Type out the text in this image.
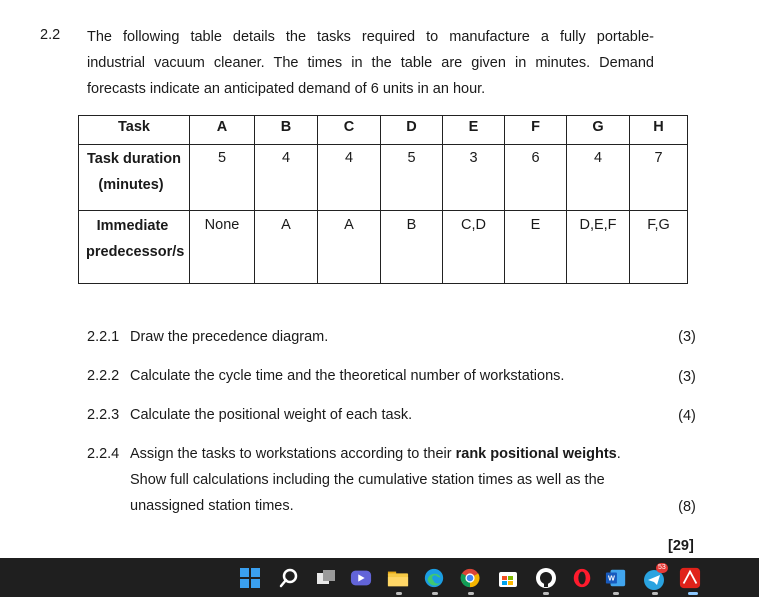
2.2 The following table details the tasks required to manufacture a fully portable-
industrial vacuum cleaner. The times in the table are given in minutes. Demand
forecasts indicate an anticipated demand of 6 units in an hour.

Task	A	B	C	D	E	F	G	H
Task duration

(minutes)	5	4	4	5	3	6	4	7

Immediate
predecessor/s	None	A	A	B	C,D	E	D,E,F	F,G
2.2.1 Draw the precedence diagram.	(3)
2.2.2 Calculate the cycle time and the theoretical number of workstations.	(3)
2.2.3 Calculate the positional weight of each task.	(4)
2.2.4 Assign the tasks to workstations according to their rank positional weights.
Show full calculations including the cumulative station times as well as the
unassigned station times.	(8)
[29]
W
53
